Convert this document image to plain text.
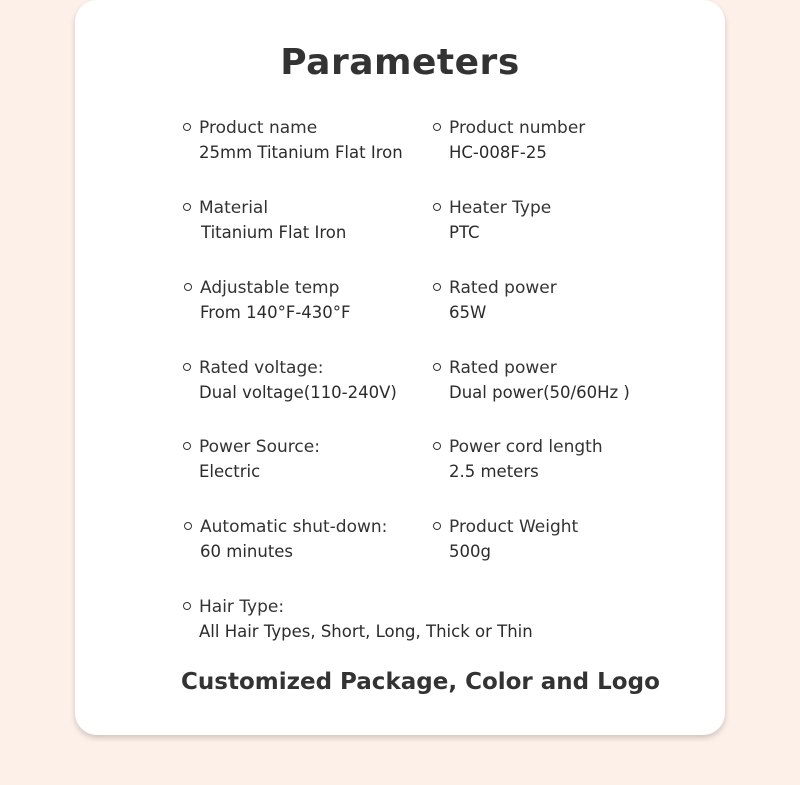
Parameters
Product name
25mm Titanium Flat Iron
Product number
HC-008F-25
Material
Titanium Flat Iron
Heater Type
PTC
Adjustable temp
From 140°F-430°F
Rated power
65W
Rated voltage:
Dual voltage(110-240V)
Rated power
Dual power(50/60Hz )
Power Source:
Electric
Power cord length
2.5 meters
Automatic shut-down:
60 minutes
Product Weight
500g
Hair Type:
All Hair Types, Short, Long, Thick or Thin
Customized Package, Color and Logo
